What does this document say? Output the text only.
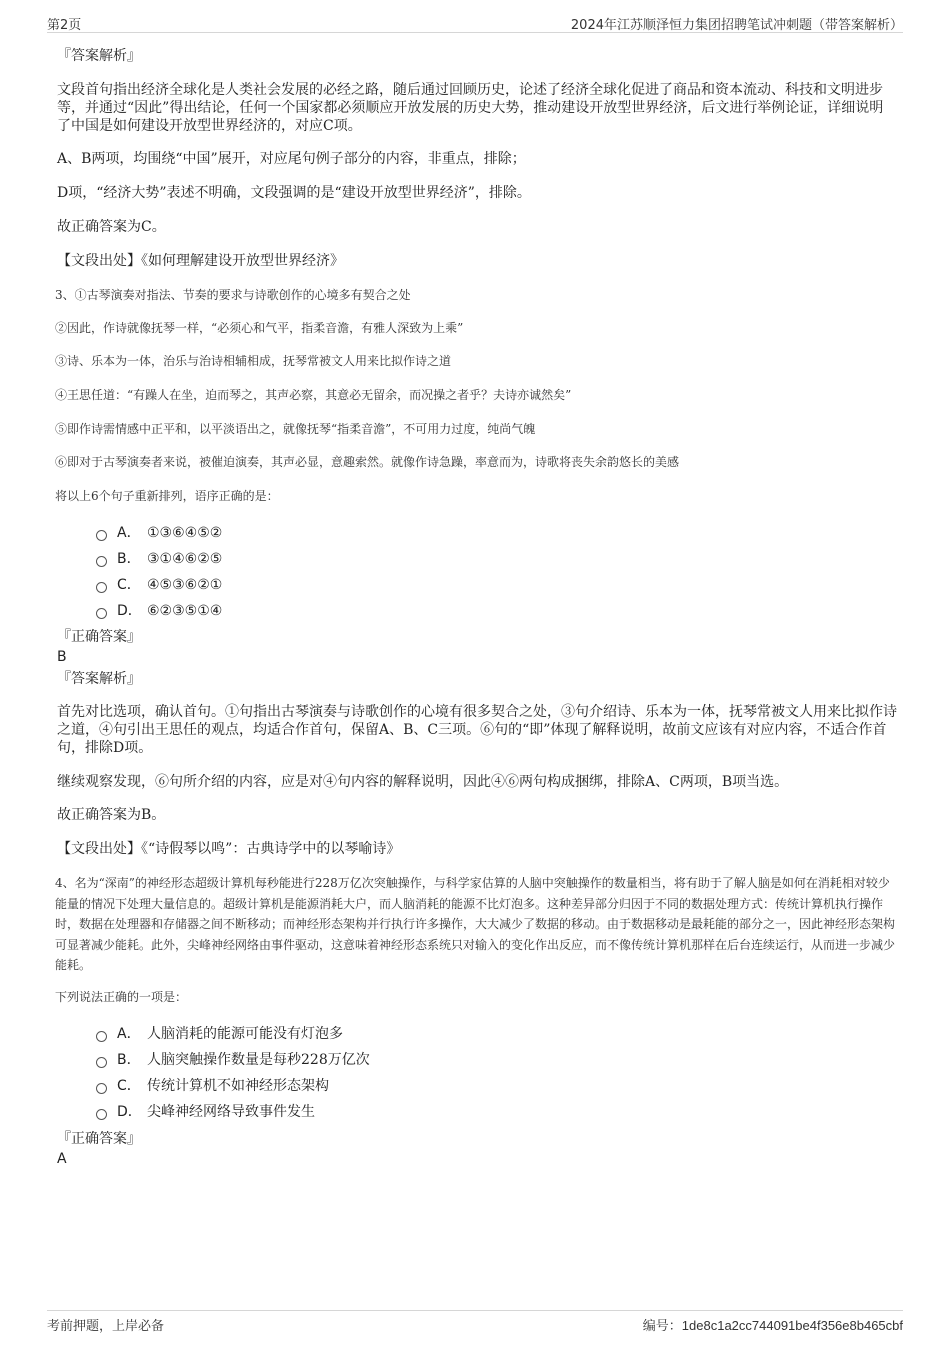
第2页	2024年江苏顺泽恒力集团招聘笔试冲刺题（带答案解析）
『答案解析』
文段首句指出经济全球化是人类社会发展的必经之路，随后通过回顾历史，论述了经济全球化促进了商品和资本流动、科技和文明进步等，并通过“因此”得出结论，任何一个国家都必须顺应开放发展的历史大势，推动建设开放型世界经济，后文进行举例论证，详细说明了中国是如何建设开放型世界经济的，对应C项。
A、B两项，均围绕“中国”展开，对应尾句例子部分的内容，非重点，排除；
D项，“经济大势”表述不明确，文段强调的是“建设开放型世界经济”，排除。
故正确答案为C。
【文段出处】《如何理解建设开放型世界经济》
3、①古琴演奏对指法、节奏的要求与诗歌创作的心境多有契合之处
②因此，作诗就像抚琴一样，“必须心和气平，指柔音澹，有雅人深致为上乘”
③诗、乐本为一体，治乐与治诗相辅相成，抚琴常被文人用来比拟作诗之道
④王思任道：“有躁人在坐，迫而琴之，其声必察，其意必无留余，而况操之者乎？夫诗亦诚然矣”
⑤即作诗需情感中正平和，以平淡语出之，就像抚琴“指柔音澹”，不可用力过度，纯尚气魄
⑥即对于古琴演奏者来说，被催迫演奏，其声必显，意趣索然。就像作诗急躁，率意而为，诗歌将丧失余韵悠长的美感
将以上6个句子重新排列，语序正确的是：
A． ①③⑥④⑤②
B． ③①④⑥②⑤
C． ④⑤③⑥②①
D． ⑥②③⑤①④
『正确答案』
B
『答案解析』
首先对比选项，确认首句。①句指出古琴演奏与诗歌创作的心境有很多契合之处，③句介绍诗、乐本为一体，抚琴常被文人用来比拟作诗之道，④句引出王思任的观点，均适合作首句，保留A、B、C三项。⑥句的“即”体现了解释说明，故前文应该有对应内容，不适合作首句，排除D项。
继续观察发现，⑥句所介绍的内容，应是对④句内容的解释说明，因此④⑥两句构成捆绑，排除A、C两项，B项当选。
故正确答案为B。
【文段出处】《“诗假琴以鸣”：古典诗学中的以琴喻诗》
4、名为“深南”的神经形态超级计算机每秒能进行228万亿次突触操作，与科学家估算的人脑中突触操作的数量相当，将有助于了解人脑是如何在消耗相对较少能量的情况下处理大量信息的。超级计算机是能源消耗大户，而人脑消耗的能源不比灯泡多。这种差异部分归因于不同的数据处理方式：传统计算机执行操作时，数据在处理器和存储器之间不断移动；而神经形态架构并行执行许多操作，大大减少了数据的移动。由于数据移动是最耗能的部分之一，因此神经形态架构可显著减少能耗。此外，尖峰神经网络由事件驱动，这意味着神经形态系统只对输入的变化作出反应，而不像传统计算机那样在后台连续运行，从而进一步减少能耗。
下列说法正确的一项是：
A． 人脑消耗的能源可能没有灯泡多
B． 人脑突触操作数量是每秒228万亿次
C． 传统计算机不如神经形态架构
D． 尖峰神经网络导致事件发生
『正确答案』
A
考前押题，上岸必备	编号：1de8c1a2cc744091be4f356e8b465cbf
